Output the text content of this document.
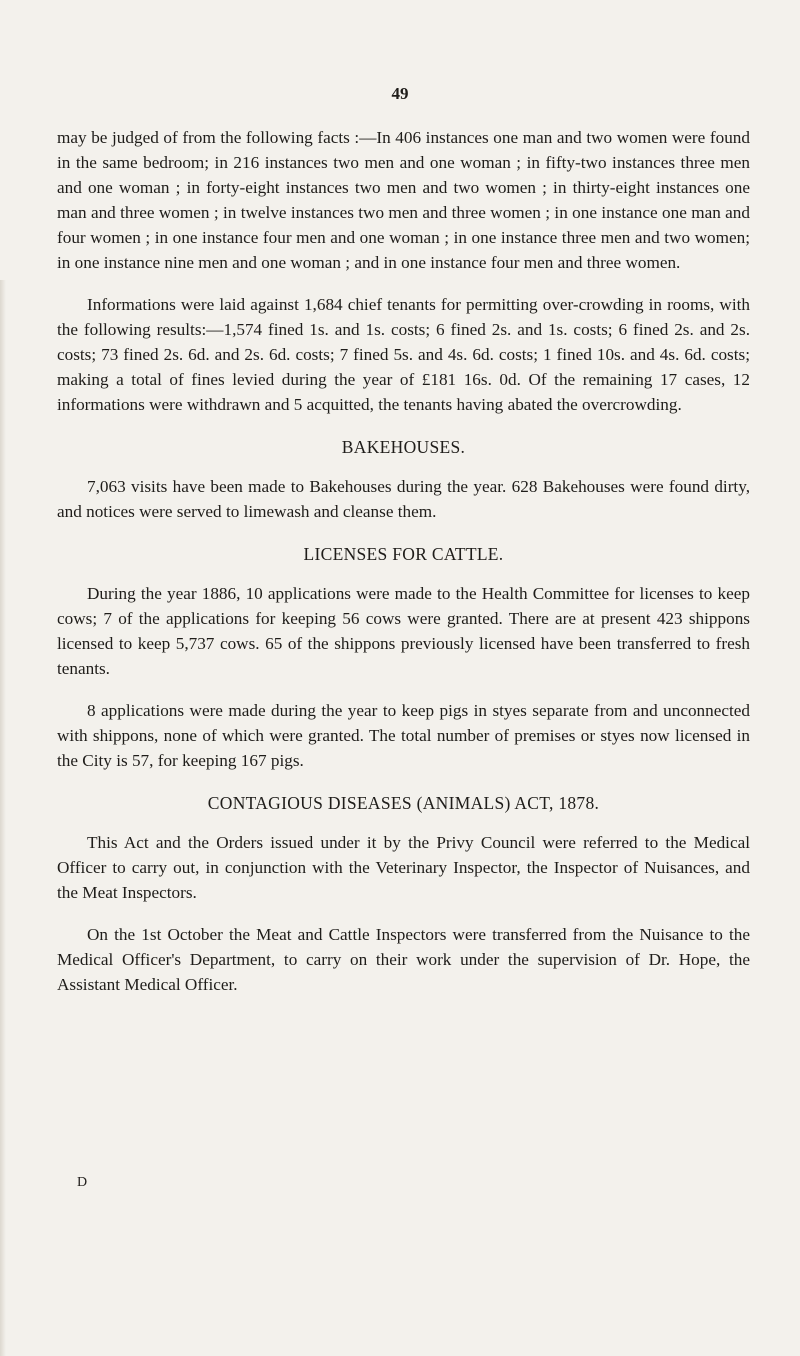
49

may be judged of from the following facts :—In 406 instances one man and two women were found in the same bedroom; in 216 instances two men and one woman ; in fifty-two instances three men and one woman ; in forty-eight instances two men and two women ; in thirty-eight instances one man and three women ; in twelve instances two men and three women ; in one instance one man and four women ; in one instance four men and one woman ; in one instance three men and two women; in one instance nine men and one woman ; and in one instance four men and three women.

Informations were laid against 1,684 chief tenants for permitting over-crowding in rooms, with the following results:—1,574 fined 1s. and 1s. costs; 6 fined 2s. and 1s. costs; 6 fined 2s. and 2s. costs; 73 fined 2s. 6d. and 2s. 6d. costs; 7 fined 5s. and 4s. 6d. costs; 1 fined 10s. and 4s. 6d. costs; making a total of fines levied during the year of £181 16s. 0d. Of the remaining 17 cases, 12 informations were withdrawn and 5 acquitted, the tenants having abated the overcrowding.

BAKEHOUSES.

7,063 visits have been made to Bakehouses during the year. 628 Bakehouses were found dirty, and notices were served to limewash and cleanse them.

LICENSES FOR CATTLE.

During the year 1886, 10 applications were made to the Health Committee for licenses to keep cows; 7 of the applications for keeping 56 cows were granted. There are at present 423 shippons licensed to keep 5,737 cows. 65 of the shippons previously licensed have been transferred to fresh tenants.

8 applications were made during the year to keep pigs in styes separate from and unconnected with shippons, none of which were granted. The total number of premises or styes now licensed in the City is 57, for keeping 167 pigs.

CONTAGIOUS DISEASES (ANIMALS) ACT, 1878.

This Act and the Orders issued under it by the Privy Council were referred to the Medical Officer to carry out, in conjunction with the Veterinary Inspector, the Inspector of Nuisances, and the Meat Inspectors.

On the 1st October the Meat and Cattle Inspectors were transferred from the Nuisance to the Medical Officer's Department, to carry on their work under the supervision of Dr. Hope, the Assistant Medical Officer.

D
